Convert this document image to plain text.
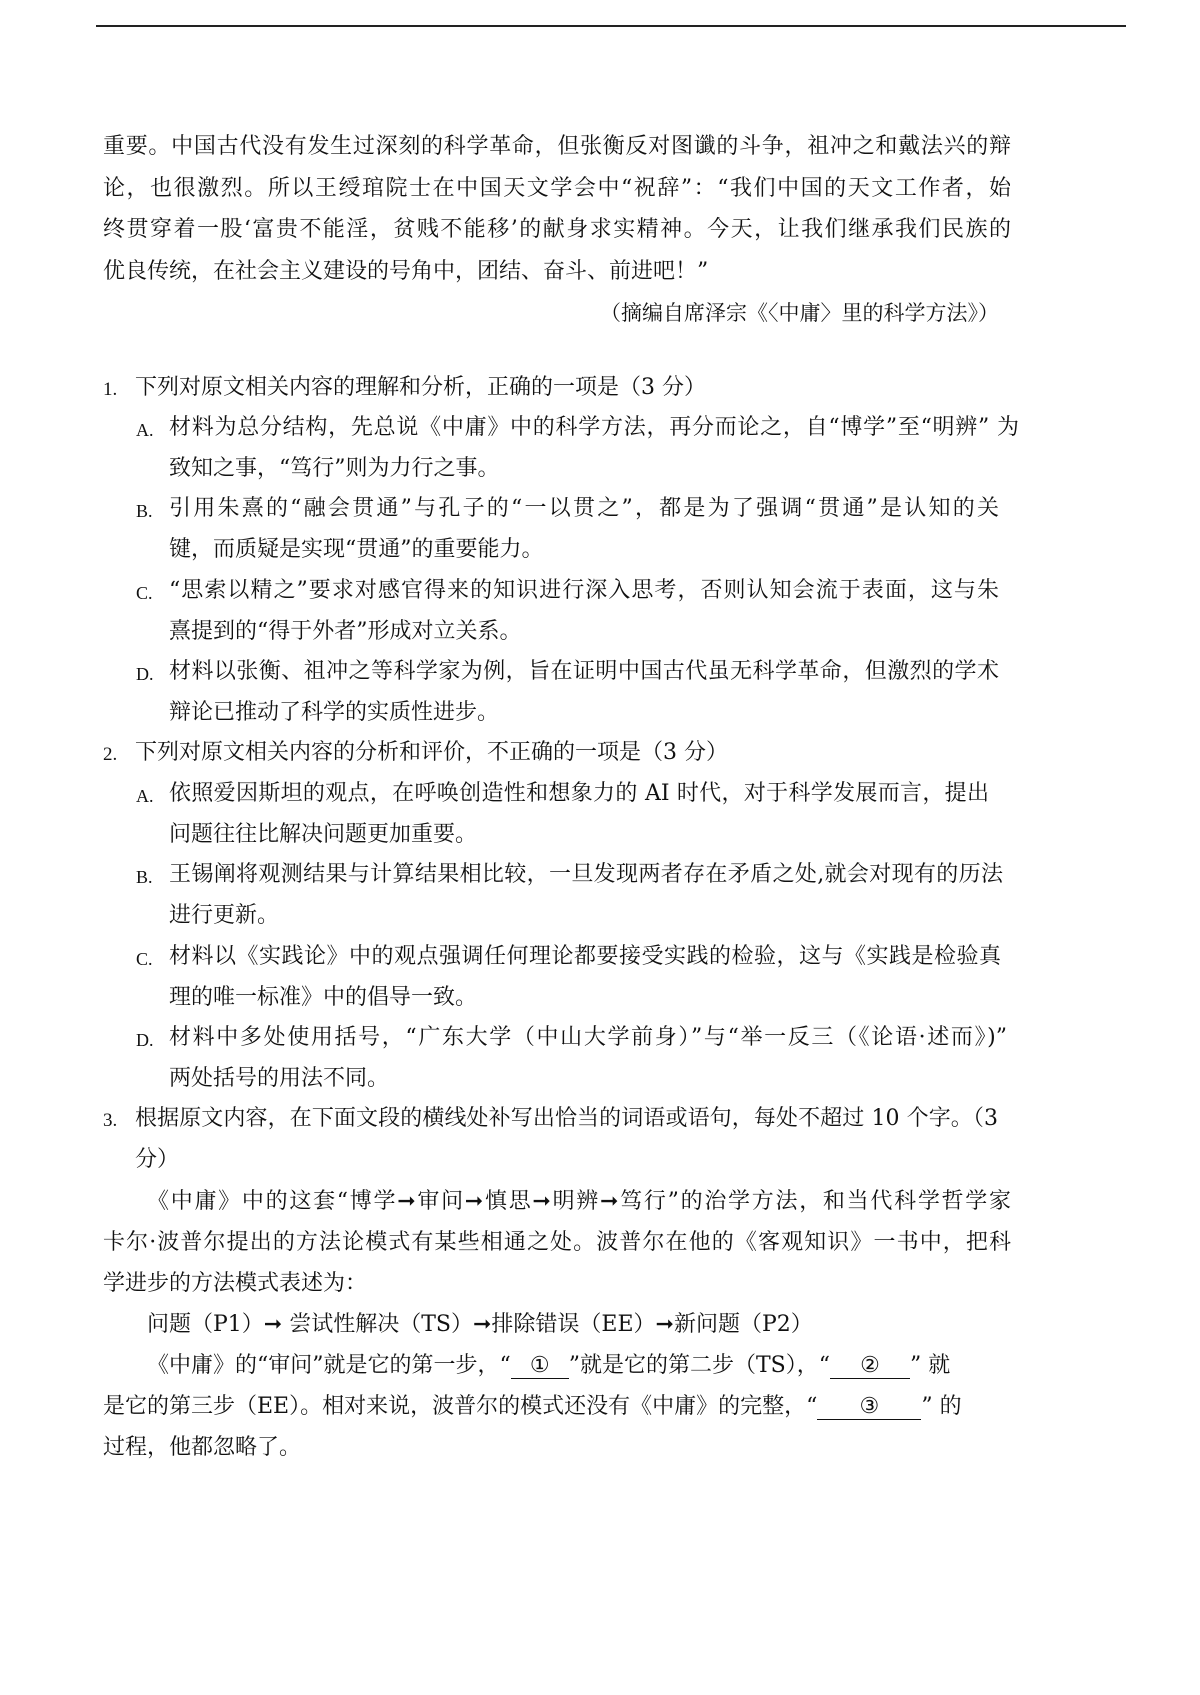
重要。中国古代没有发生过深刻的科学革命，但张衡反对图谶的斗争，祖冲之和戴法兴的辩
论，也很激烈。所以王绶琯院士在中国天文学会中“祝辞”：“我们中国的天文工作者，始
终贯穿着一股‘富贵不能淫，贫贱不能移’的献身求实精神。今天，让我们继承我们民族的
优良传统，在社会主义建设的号角中，团结、奋斗、前进吧！”
（摘编自席泽宗《〈中庸〉里的科学方法》）
1. 下列对原文相关内容的理解和分析，正确的一项是（3 分）
A. 材料为总分结构，先总说《中庸》中的科学方法，再分而论之，自“博学”至“明辨” 为
致知之事，“笃行”则为力行之事。
B. 引用朱熹的“融会贯通”与孔子的“一以贯之”，都是为了强调“贯通”是认知的关
键，而质疑是实现“贯通”的重要能力。
C. “思索以精之”要求对感官得来的知识进行深入思考，否则认知会流于表面，这与朱
熹提到的“得于外者”形成对立关系。
D. 材料以张衡、祖冲之等科学家为例，旨在证明中国古代虽无科学革命，但激烈的学术
辩论已推动了科学的实质性进步。
2. 下列对原文相关内容的分析和评价，不正确的一项是（3 分）
A. 依照爱因斯坦的观点，在呼唤创造性和想象力的 AI 时代，对于科学发展而言，提出
问题往往比解决问题更加重要。
B. 王锡阐将观测结果与计算结果相比较，一旦发现两者存在矛盾之处,就会对现有的历法
进行更新。
C. 材料以《实践论》中的观点强调任何理论都要接受实践的检验，这与《实践是检验真
理的唯一标准》中的倡导一致。
D. 材料中多处使用括号，“广东大学（中山大学前身）”与“举一反三（《论语·述而》)”
两处括号的用法不同。
3. 根据原文内容，在下面文段的横线处补写出恰当的词语或语句，每处不超过 10 个字。（3
分）
《中庸》中的这套“博学➞审问➞慎思➞明辨➞笃行”的治学方法，和当代科学哲学家
卡尔·波普尔提出的方法论模式有某些相通之处。波普尔在他的《客观知识》一书中，把科
学进步的方法模式表述为：
问题（P1）➞ 尝试性解决（TS）➞排除错误（EE）➞新问题（P2）
《中庸》的“审问”就是它的第一步，“ ① ”就是它的第二步（TS），“ ② ” 就
是它的第三步（EE）。相对来说，波普尔的模式还没有《中庸》的完整，“ ③ ” 的
过程，他都忽略了。
